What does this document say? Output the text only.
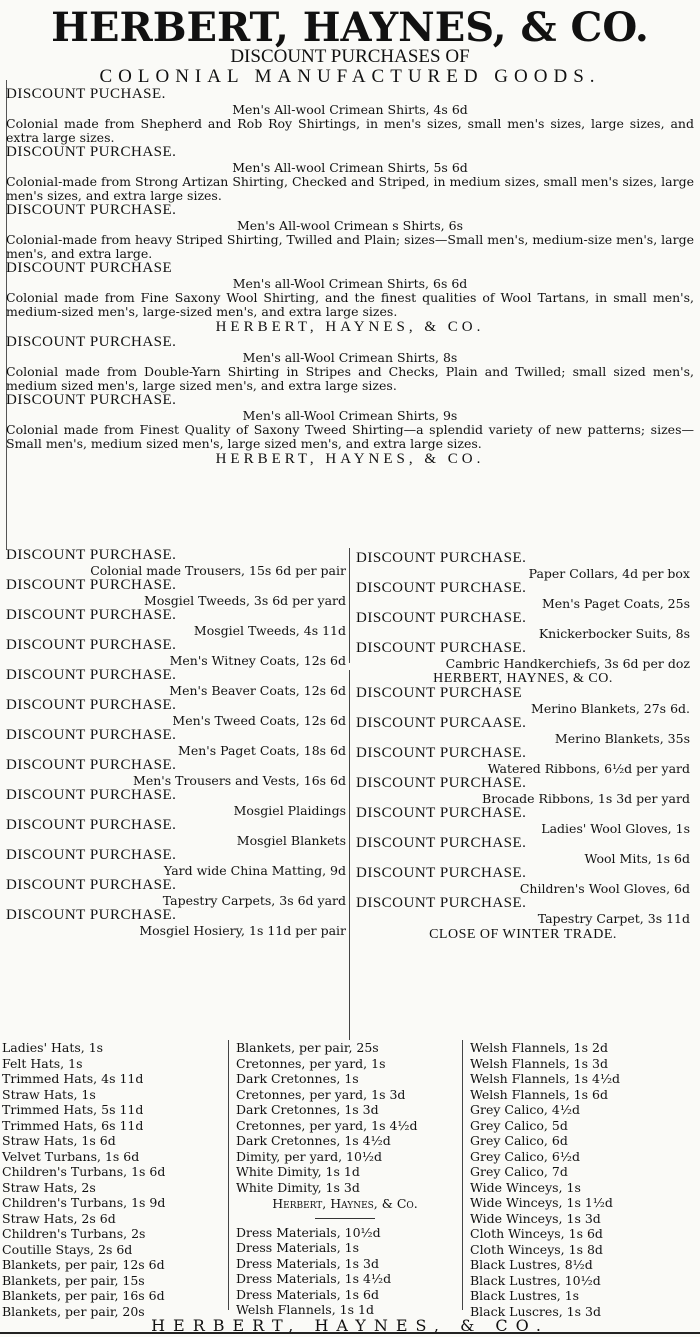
HERBERT, HAYNES, & CO.
DISCOUNT PURCHASES OF
COLONIAL MANUFACTURED GOODS.
DISCOUNT PUCHASE.
Men's All-wool Crimean Shirts, 4s 6d
Colonial made from Shepherd and Rob Roy Shirtings, in men's sizes, small men's sizes, large sizes, and extra large sizes.
DISCOUNT PURCHASE.
Men's All-wool Crimean Shirts, 5s 6d
Colonial-made from Strong Artizan Shirting, Checked and Striped, in medium sizes, small men's sizes, large men's sizes, and extra large sizes.
DISCOUNT PURCHASE.
Men's All-wool Crimean s Shirts, 6s
Colonial-made from heavy Striped Shirting, Twilled and Plain; sizes—Small men's, medium-size men's, large men's, and extra large.
DISCOUNT PURCHASE
Men's all-Wool Crimean Shirts, 6s 6d
Colonial made from Fine Saxony Wool Shirting, and the finest qualities of Wool Tartans, in small men's, medium-sized men's, large-sized men's, and extra large sizes.
HERBERT, HAYNES, & CO.
DISCOUNT PURCHASE.
Men's all-Wool Crimean Shirts, 8s
Colonial made from Double-Yarn Shirting in Stripes and Checks, Plain and Twilled; small sized men's, medium sized men's, large sized men's, and extra large sizes.
DISCOUNT PURCHASE.
Men's all-Wool Crimean Shirts, 9s
Colonial made from Finest Quality of Saxony Tweed Shirting—a splendid variety of new patterns; sizes—Small men's, medium sized men's, large sized men's, and extra large sizes.
HERBERT, HAYNES, & CO.
DISCOUNT PURCHASE.
Colonial made Trousers, 15s 6d per pair
DISCOUNT PURCHASE.
Mosgiel Tweeds, 3s 6d per yard
DISCOUNT PURCHASE.
Mosgiel Tweeds, 4s 11d
DISCOUNT PURCHASE.
Men's Witney Coats, 12s 6d
DISCOUNT PURCHASE.
Men's Beaver Coats, 12s 6d
DISCOUNT PURCHASE.
Men's Tweed Coats, 12s 6d
DISCOUNT PURCHASE.
Men's Paget Coats, 18s 6d
DISCOUNT PURCHASE.
Men's Trousers and Vests, 16s 6d
DISCOUNT PURCHASE.
Mosgiel Plaidings
DISCOUNT PURCHASE.
Mosgiel Blankets
DISCOUNT PURCHASE.
Yard wide China Matting, 9d
DISCOUNT PURCHASE.
Tapestry Carpets, 3s 6d yard
DISCOUNT PURCHASE.
Mosgiel Hosiery, 1s 11d per pair
DISCOUNT PURCHASE.
Paper Collars, 4d per box
DISCOUNT PURCHASE.
Men's Paget Coats, 25s
DISCOUNT PURCHASE.
Knickerbocker Suits, 8s
DISCOUNT PURCHASE.
Cambric Handkerchiefs, 3s 6d per doz
HERBERT, HAYNES, & CO.
DISCOUNT PURCHASE
Merino Blankets, 27s 6d.
DISCOUNT PURCAASE.
Merino Blankets, 35s
DISCOUNT PURCHASE.
Watered Ribbons, 6½d per yard
DISCOUNT PURCHASE.
Brocade Ribbons, 1s 3d per yard
DISCOUNT PURCHASE.
Ladies' Wool Gloves, 1s
DISCOUNT PURCHASE.
Wool Mits, 1s 6d
DISCOUNT PURCHASE.
Children's Wool Gloves, 6d
DISCOUNT PURCHASE.
Tapestry Carpet, 3s 11d
CLOSE OF WINTER TRADE.
Ladies' Hats, 1s
Felt Hats, 1s
Trimmed Hats, 4s 11d
Straw Hats, 1s
Trimmed Hats, 5s 11d
Trimmed Hats, 6s 11d
Straw Hats, 1s 6d
Velvet Turbans, 1s 6d
Children's Turbans, 1s 6d
Straw Hats, 2s
Children's Turbans, 1s 9d
Straw Hats, 2s 6d
Children's Turbans, 2s
Coutille Stays, 2s 6d
Blankets, per pair, 12s 6d
Blankets, per pair, 15s
Blankets, per pair, 16s 6d
Blankets, per pair, 20s
Blankets, per pair, 25s
Cretonnes, per yard, 1s
Dark Cretonnes, 1s
Cretonnes, per yard, 1s 3d
Dark Cretonnes, 1s 3d
Cretonnes, per yard, 1s 4½d
Dark Cretonnes, 1s 4½d
Dimity, per yard, 10½d
White Dimity, 1s 1d
White Dimity, 1s 3d
Herbert, Haynes, & Co.
Dress Materials, 10½d
Dress Materials, 1s
Dress Materials, 1s 3d
Dress Materials, 1s 4½d
Dress Materials, 1s 6d
Welsh Flannels, 1s 1d
Welsh Flannels, 1s 2d
Welsh Flannels, 1s 3d
Welsh Flannels, 1s 4½d
Welsh Flannels, 1s 6d
Grey Calico, 4½d
Grey Calico, 5d
Grey Calico, 6d
Grey Calico, 6½d
Grey Calico, 7d
Wide Winceys, 1s
Wide Winceys, 1s 1½d
Wide Winceys, 1s 3d
Cloth Winceys, 1s 6d
Cloth Winceys, 1s 8d
Black Lustres, 8½d
Black Lustres, 10½d
Black Lustres, 1s
Black Luscres, 1s 3d
HERBERT, HAYNES, & CO.
